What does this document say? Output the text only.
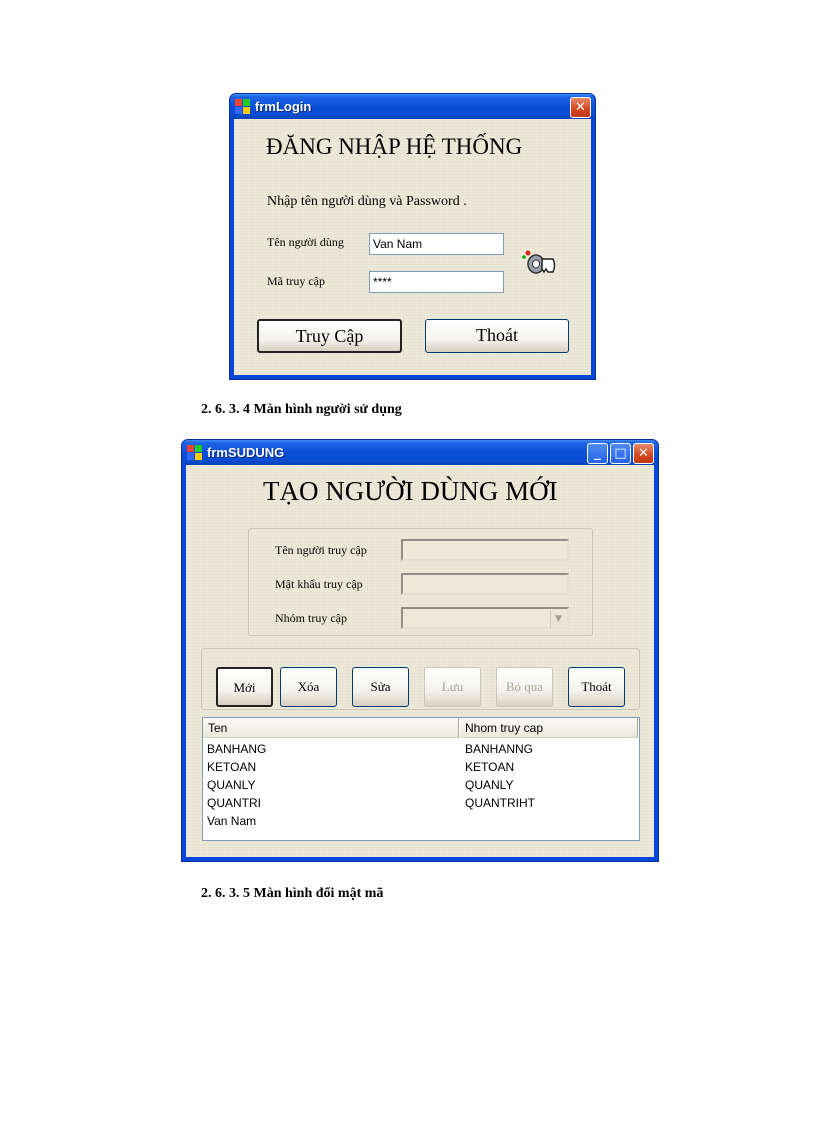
frmLogin	✕
ĐĂNG NHẬP HỆ THỐNG
Nhập tên người dùng và Password .
Tên người dùng	Van Nam
Mã truy cập	****
Truy Cập	Thoát
2. 6. 3. 4 Màn hình người sử dụng
frmSUDUNG	_	□ ✕
TẠO NGƯỜI DÙNG MỚI
Tên người truy cập
Mật khẩu truy cập
Nhóm truy cập	▼
Mới	Xóa	Sửa	Lưu	Bỏ qua	Thoát
Ten	Nhom truy cap
BANHANG	BANHANNG
KETOAN	KETOAN
QUANLY	QUANLY
QUANTRI	QUANTRIHT
Van Nam
2. 6. 3. 5 Màn hình đổi mật mã
